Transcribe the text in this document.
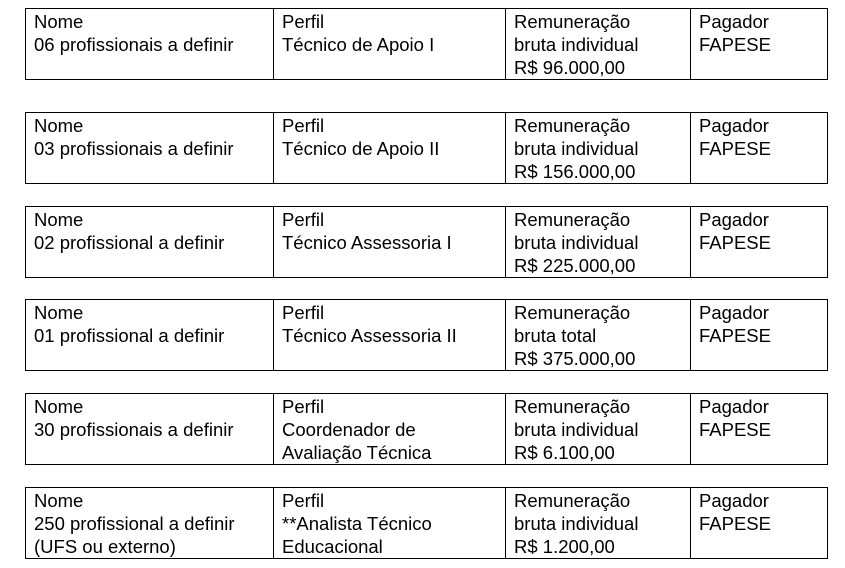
Nome
06 profissionais a definir

Perfil
Técnico de Apoio I

Remuneração
bruta individual
R$ 96.000,00

Pagador
FAPESE
Nome
03 profissionais a definir

Perfil
Técnico de Apoio II

Remuneração
bruta individual
R$ 156.000,00

Pagador
FAPESE
Nome
02 profissional a definir

Perfil
Técnico Assessoria I

Remuneração
bruta individual
R$ 225.000,00

Pagador
FAPESE
Nome
01 profissional a definir

Perfil
Técnico Assessoria II

Remuneração
bruta total
R$ 375.000,00

Pagador
FAPESE
Nome
30 profissionais a definir

Perfil
Coordenador de
Avaliação Técnica

Remuneração
bruta individual
R$ 6.100,00

Pagador
FAPESE
Nome
250 profissional a definir
(UFS ou externo)

Perfil
**Analista Técnico
Educacional

Remuneração
bruta individual
R$ 1.200,00

Pagador
FAPESE
